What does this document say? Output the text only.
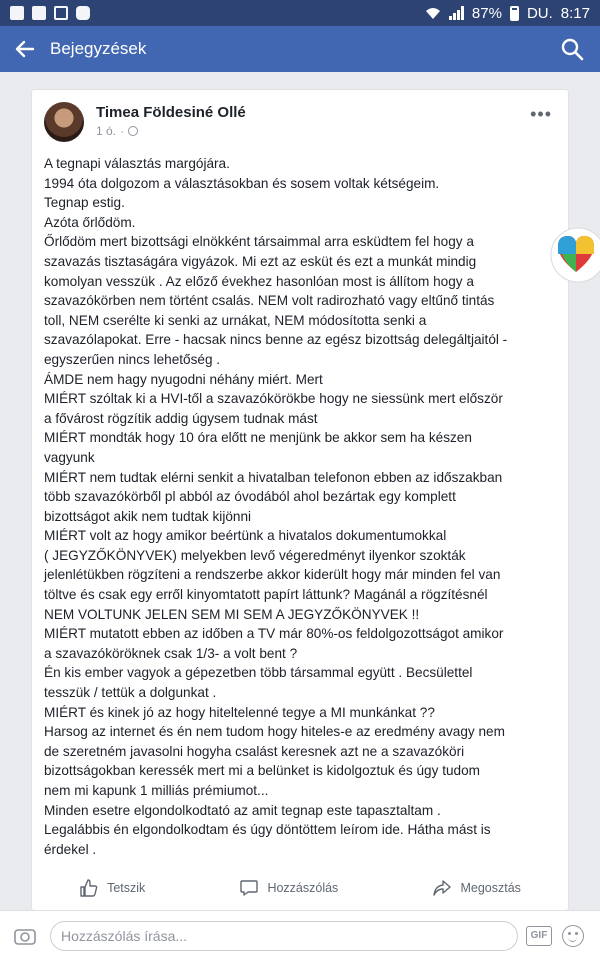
87% DU. 8:17
Bejegyzések
Timea Földesiné Ollé
1 ó. ·
•••
A tegnapi választás margójára.
1994 óta dolgozom a választásokban és sosem voltak kétségeim.
Tegnap estig.
Azóta őrlődöm.
Őrlődöm mert bizottsági elnökként társaimmal arra esküdtem fel hogy a
szavazás tisztaságára vigyázok. Mi ezt az esküt és ezt a munkát mindig
komolyan vesszük . Az előző évekhez hasonlóan most is állítom hogy a
szavazókörben nem történt csalás. NEM volt radirozható vagy eltűnő tintás
toll, NEM cserélte ki senki az urnákat, NEM módosította senki a
szavazólapokat. Erre - hacsak nincs benne az egész bizottság delegáltjaitól -
egyszerűen nincs lehetőség .
ÁMDE nem hagy nyugodni néhány miért. Mert
MIÉRT szóltak ki a HVI-től a szavazókörökbe hogy ne siessünk mert először
a fővárost rögzítik addig úgysem tudnak mást
MIÉRT mondták hogy 10 óra előtt ne menjünk be akkor sem ha készen
vagyunk
MIÉRT nem tudtak elérni senkit a hivatalban telefonon ebben az időszakban
több szavazókörből pl abból az óvodából ahol bezártak egy komplett
bizottságot akik nem tudtak kijönni
MIÉRT volt az hogy amikor beértünk a hivatalos dokumentumokkal
( JEGYZŐKÖNYVEK) melyekben levő végeredményt ilyenkor szokták
jelenlétükben rögzíteni a rendszerbe akkor kiderült hogy már minden fel van
töltve és csak egy erről kinyomtatott papírt láttunk? Magánál a rögzítésnél
NEM VOLTUNK JELEN SEM MI SEM A JEGYZŐKÖNYVEK !!
MIÉRT mutatott ebben az időben a TV már 80%-os feldolgozottságot amikor
a szavazóköröknek csak 1/3- a volt bent ?
Én kis ember vagyok a gépezetben több társammal együtt . Becsülettel
tesszük / tettük a dolgunkat .
MIÉRT és kinek jó az hogy hiteltelenné tegye a MI munkánkat ??
Harsog az internet és én nem tudom hogy hiteles-e az eredmény avagy nem
de szeretném javasolni hogyha csalást keresnek azt ne a szavazóköri
bizottságokban keressék mert mi a belünket is kidolgoztuk és úgy tudom
nem mi kapunk 1 milliás prémiumot...
Minden esetre elgondolkodtató az amit tegnap este tapasztaltam .
Legalábbis én elgondolkodtam és úgy döntöttem leírom ide. Hátha mást is
érdekel .
Tetszik	Hozzászólás	Megosztás
Hozzászólás írása...	GIF
